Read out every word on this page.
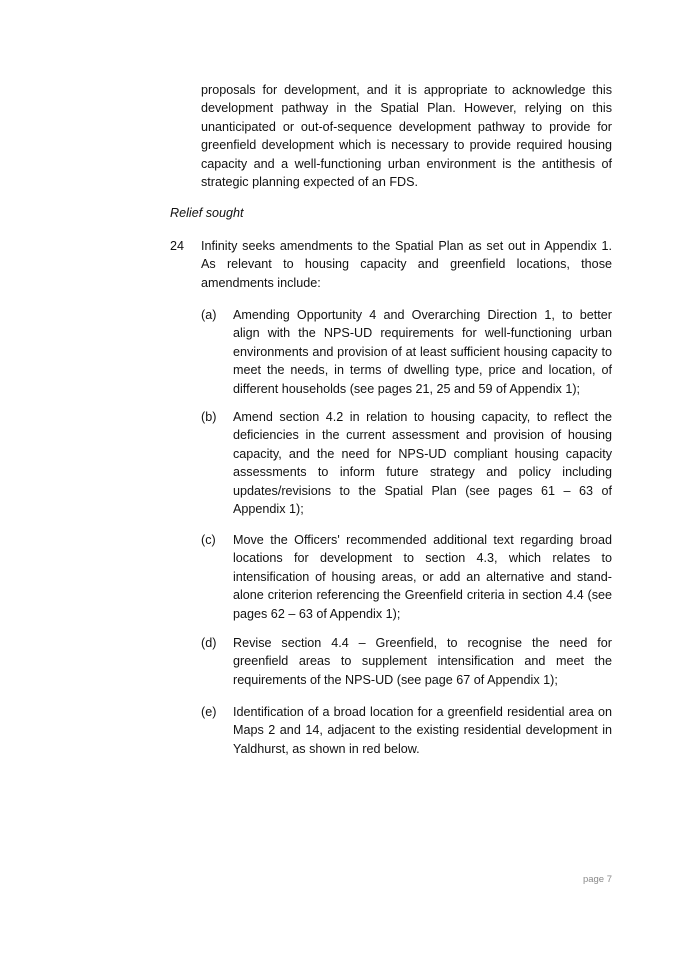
proposals for development, and it is appropriate to acknowledge this development pathway in the Spatial Plan. However, relying on this unanticipated or out-of-sequence development pathway to provide for greenfield development which is necessary to provide required housing capacity and a well-functioning urban environment is the antithesis of strategic planning expected of an FDS.

Relief sought

24 Infinity seeks amendments to the Spatial Plan as set out in Appendix 1. As relevant to housing capacity and greenfield locations, those amendments include:

(a) Amending Opportunity 4 and Overarching Direction 1, to better align with the NPS-UD requirements for well-functioning urban environments and provision of at least sufficient housing capacity to meet the needs, in terms of dwelling type, price and location, of different households (see pages 21, 25 and 59 of Appendix 1);

(b) Amend section 4.2 in relation to housing capacity, to reflect the deficiencies in the current assessment and provision of housing capacity, and the need for NPS-UD compliant housing capacity assessments to inform future strategy and policy including updates/revisions to the Spatial Plan (see pages 61 – 63 of Appendix 1);

(c) Move the Officers' recommended additional text regarding broad locations for development to section 4.3, which relates to intensification of housing areas, or add an alternative and stand-alone criterion referencing the Greenfield criteria in section 4.4 (see pages 62 – 63 of Appendix 1);

(d) Revise section 4.4 – Greenfield, to recognise the need for greenfield areas to supplement intensification and meet the requirements of the NPS-UD (see page 67 of Appendix 1);

(e) Identification of a broad location for a greenfield residential area on Maps 2 and 14, adjacent to the existing residential development in Yaldhurst, as shown in red below.

page 7
